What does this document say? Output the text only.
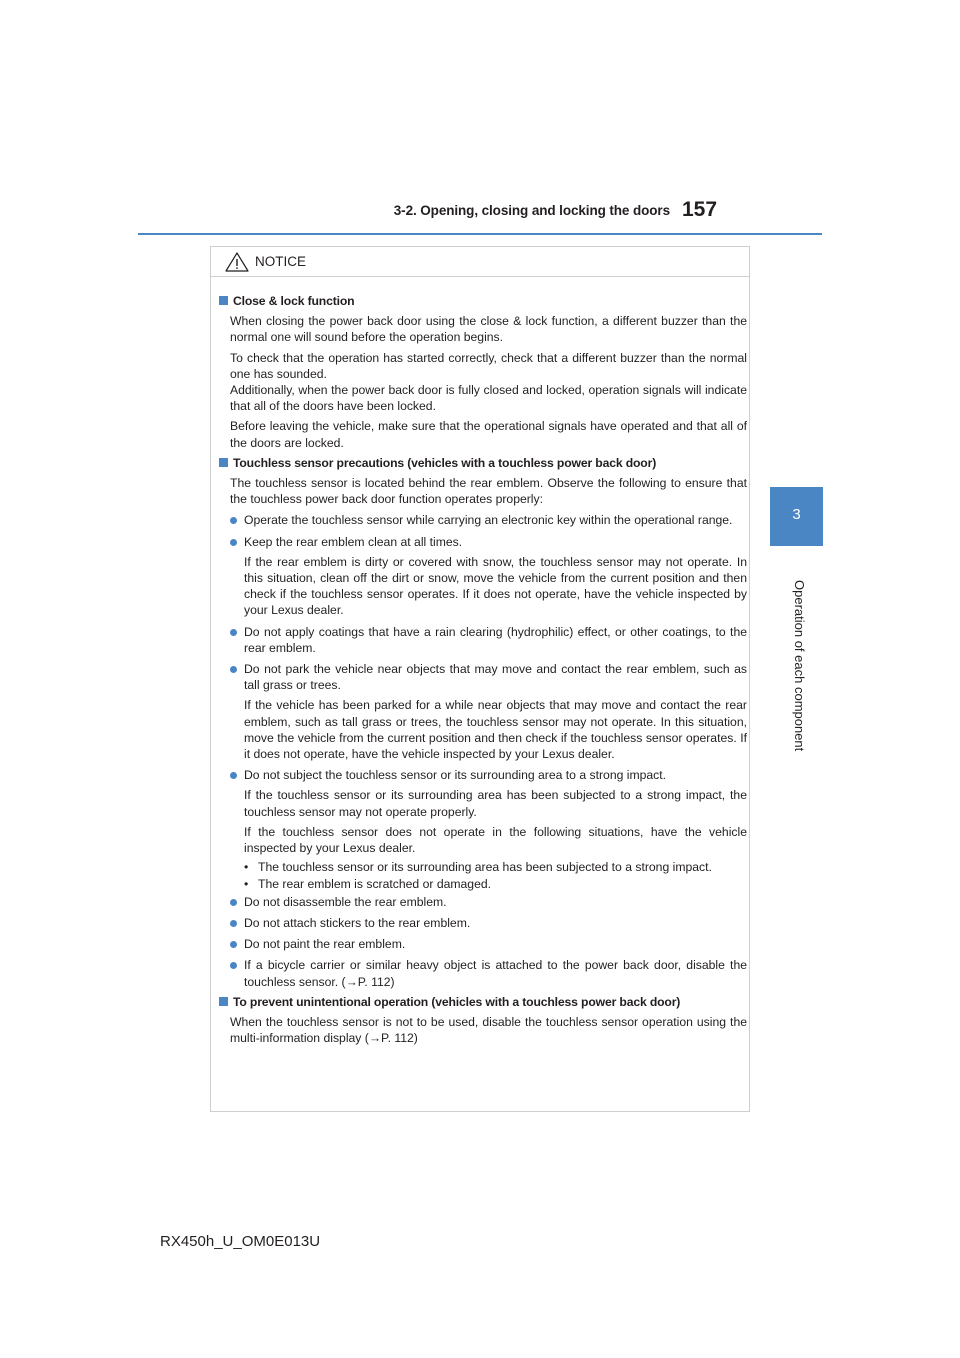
3-2. Opening, closing and locking the doors 157
3
Operation of each component
NOTICE
Close & lock function
When closing the power back door using the close & lock function, a different buzzer than the normal one will sound before the operation begins.
To check that the operation has started correctly, check that a different buzzer than the normal one has sounded.
Additionally, when the power back door is fully closed and locked, operation signals will indicate that all of the doors have been locked.
Before leaving the vehicle, make sure that the operational signals have operated and that all of the doors are locked.
Touchless sensor precautions (vehicles with a touchless power back door)
The touchless sensor is located behind the rear emblem. Observe the following to ensure that the touchless power back door function operates properly:
Operate the touchless sensor while carrying an electronic key within the operational range.
Keep the rear emblem clean at all times.
If the rear emblem is dirty or covered with snow, the touchless sensor may not operate. In this situation, clean off the dirt or snow, move the vehicle from the current position and then check if the touchless sensor operates. If it does not operate, have the vehicle inspected by your Lexus dealer.
Do not apply coatings that have a rain clearing (hydrophilic) effect, or other coatings, to the rear emblem.
Do not park the vehicle near objects that may move and contact the rear emblem, such as tall grass or trees.
If the vehicle has been parked for a while near objects that may move and contact the rear emblem, such as tall grass or trees, the touchless sensor may not operate. In this situation, move the vehicle from the current position and then check if the touchless sensor operates. If it does not operate, have the vehicle inspected by your Lexus dealer.
Do not subject the touchless sensor or its surrounding area to a strong impact.
If the touchless sensor or its surrounding area has been subjected to a strong impact, the touchless sensor may not operate properly.
If the touchless sensor does not operate in the following situations, have the vehicle inspected by your Lexus dealer.
• The touchless sensor or its surrounding area has been subjected to a strong impact.
• The rear emblem is scratched or damaged.
Do not disassemble the rear emblem.
Do not attach stickers to the rear emblem.
Do not paint the rear emblem.
If a bicycle carrier or similar heavy object is attached to the power back door, disable the touchless sensor. (→P. 112)
To prevent unintentional operation (vehicles with a touchless power back door)
When the touchless sensor is not to be used, disable the touchless sensor operation using the multi-information display (→P. 112)
RX450h_U_OM0E013U
